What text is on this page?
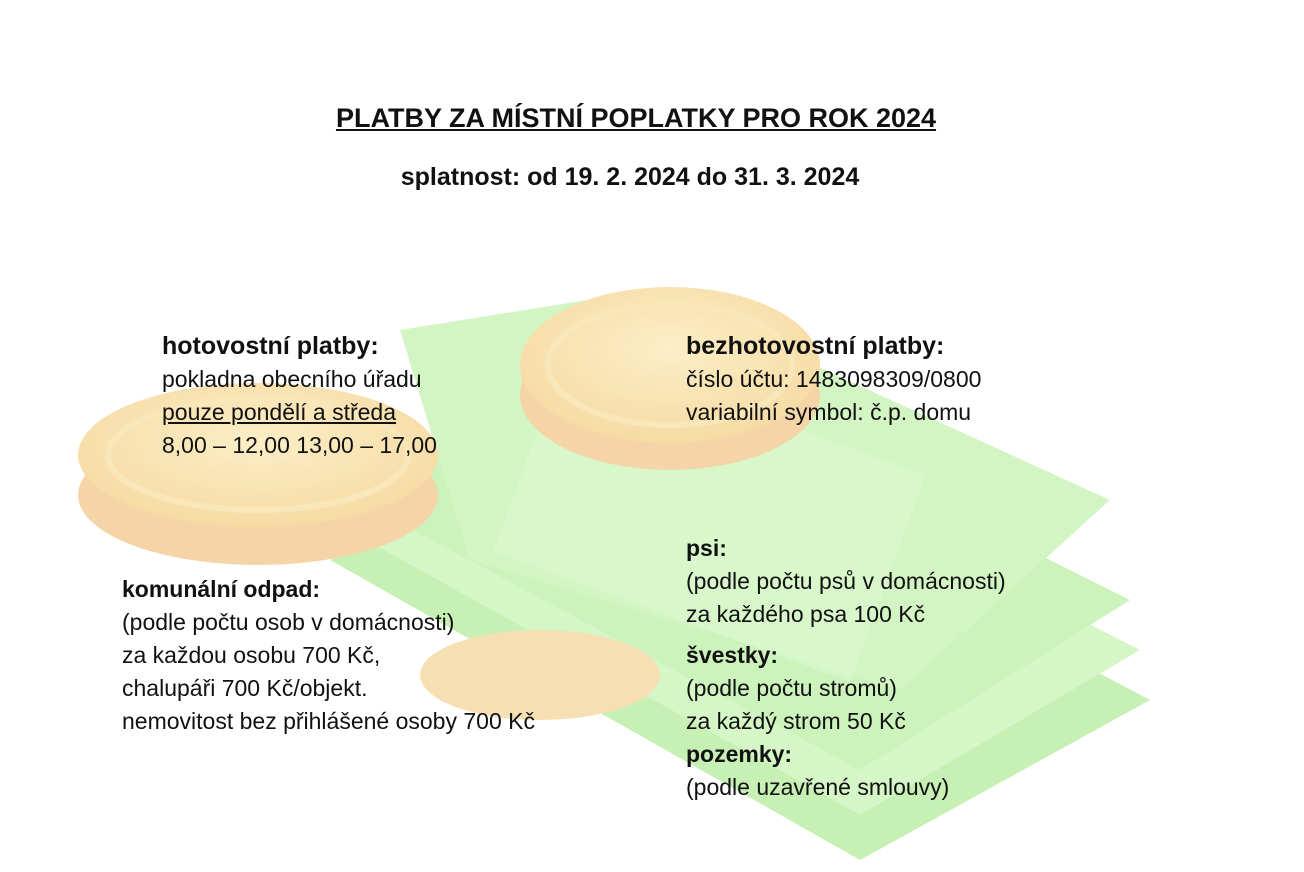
PLATBY ZA MÍSTNÍ POPLATKY PRO ROK 2024
splatnost: od 19. 2. 2024 do 31. 3. 2024
hotovostní platby:
pokladna obecního úřadu
pouze pondělí a středa
8,00 – 12,00 13,00 – 17,00
bezhotovostní platby:
číslo účtu: 1483098309/0800
variabilní symbol: č.p. domu
komunální odpad:
(podle počtu osob v domácnosti)
za každou osobu 700 Kč,
chalupáři 700 Kč/objekt.
nemovitost bez přihlášené osoby 700 Kč
psi:
(podle počtu psů v domácnosti)
za každého psa 100 Kč
švestky:
(podle počtu stromů)
za každý strom 50 Kč
pozemky:
(podle uzavřené smlouvy)
